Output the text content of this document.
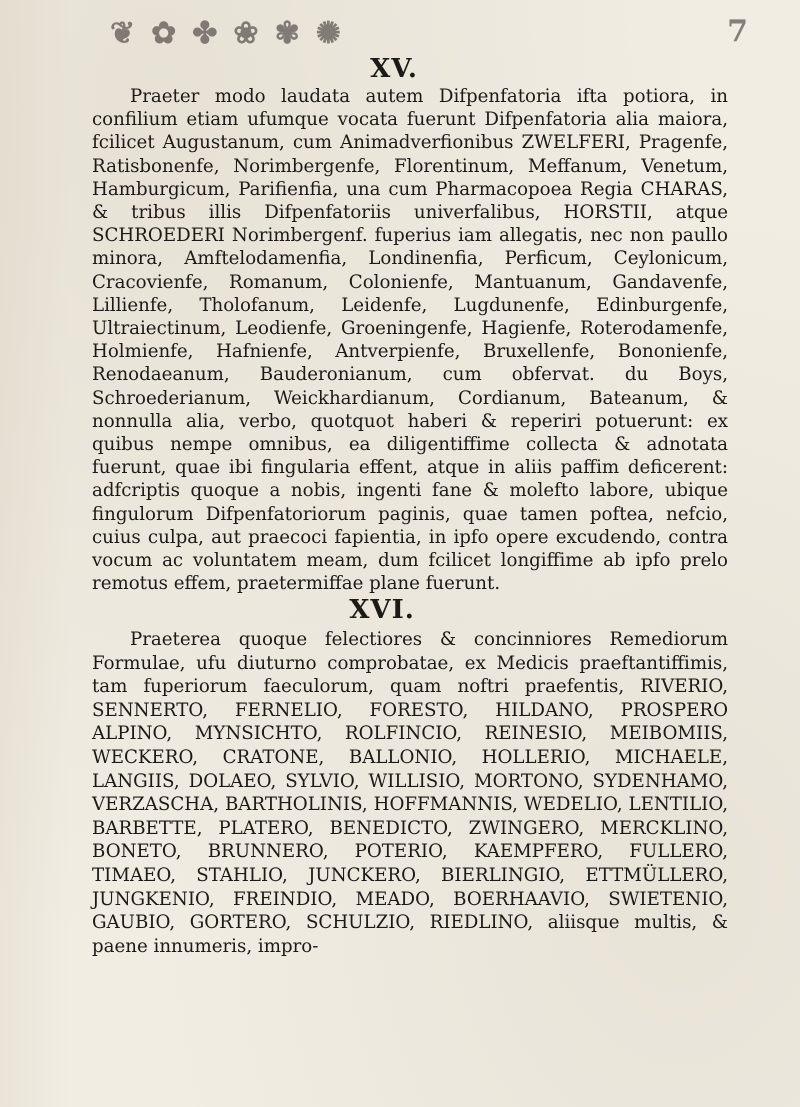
❦ ✿ ✤ ❀ ✾ ✺	7
XV.
Praeter modo laudata autem Difpenfatoria ifta potiora, in confilium etiam ufumque vocata fuerunt Difpenfatoria alia maiora, fcilicet Augustanum, cum Animadverfionibus ZWELFERI, Pragenfe, Ratisbonenfe, Norimbergenfe, Florentinum, Meffanum, Venetum, Hamburgicum, Parifienfia, una cum Pharmacopoea Regia CHARAS, & tribus illis Difpenfatoriis univerfalibus, HORSTII, atque SCHROEDERI Norimbergenf. fuperius iam allegatis, nec non paullo minora, Amftelodamenfia, Londinenfia, Perficum, Ceylonicum, Cracovienfe, Romanum, Colonienfe, Mantuanum, Gandavenfe, Lillienfe, Tholofanum, Leidenfe, Lugdunenfe, Edinburgenfe, Ultraiectinum, Leodienfe, Groeningenfe, Hagienfe, Roterodamenfe, Holmienfe, Hafnienfe, Antverpienfe, Bruxellenfe, Bononienfe, Renodaeanum, Bauderonianum, cum obfervat. du Boys, Schroederianum, Weickhardianum, Cordianum, Bateanum, & nonnulla alia, verbo, quotquot haberi & reperiri potuerunt: ex quibus nempe omnibus, ea diligentiffime collecta & adnotata fuerunt, quae ibi fingularia effent, atque in aliis paffim deficerent: adfcriptis quoque a nobis, ingenti fane & molefto labore, ubique fingulorum Difpenfatoriorum paginis, quae tamen poftea, nefcio, cuius culpa, aut praecoci fapientia, in ipfo opere excudendo, contra vocum ac voluntatem meam, dum fcilicet longiffime ab ipfo prelo remotus effem, praetermiffae plane fuerunt.
XVI.
Praeterea quoque felectiores & concinniores Remediorum Formulae, ufu diuturno comprobatae, ex Medicis praeftantiffimis, tam fuperiorum faeculorum, quam noftri praefentis, RIVERIO, SENNERTO, FERNELIO, FORESTO, HILDANO, PROSPERO ALPINO, MYNSICHTO, ROLFINCIO, REINESIO, MEIBOMIIS, WECKERO, CRATONE, BALLONIO, HOLLERIO, MICHAELE, LANGIIS, DOLAEO, SYLVIO, WILLISIO, MORTONO, SYDENHAMO, VERZASCHA, BARTHOLINIS, HOFFMANNIS, WEDELIO, LENTILIO, BARBETTE, PLATERO, BENEDICTO, ZWINGERO, MERCKLINO, BONETO, BRUNNERO, POTERIO, KAEMPFERO, FULLERO, TIMAEO, STAHLIO, JUNCKERO, BIERLINGIO, ETTMÜLLERO, JUNGKENIO, FREINDIO, MEADO, BOERHAAVIO, SWIETENIO, GAUBIO, GORTERO, SCHULZIO, RIEDLINO, aliisque multis, & paene innumeris, impro-
